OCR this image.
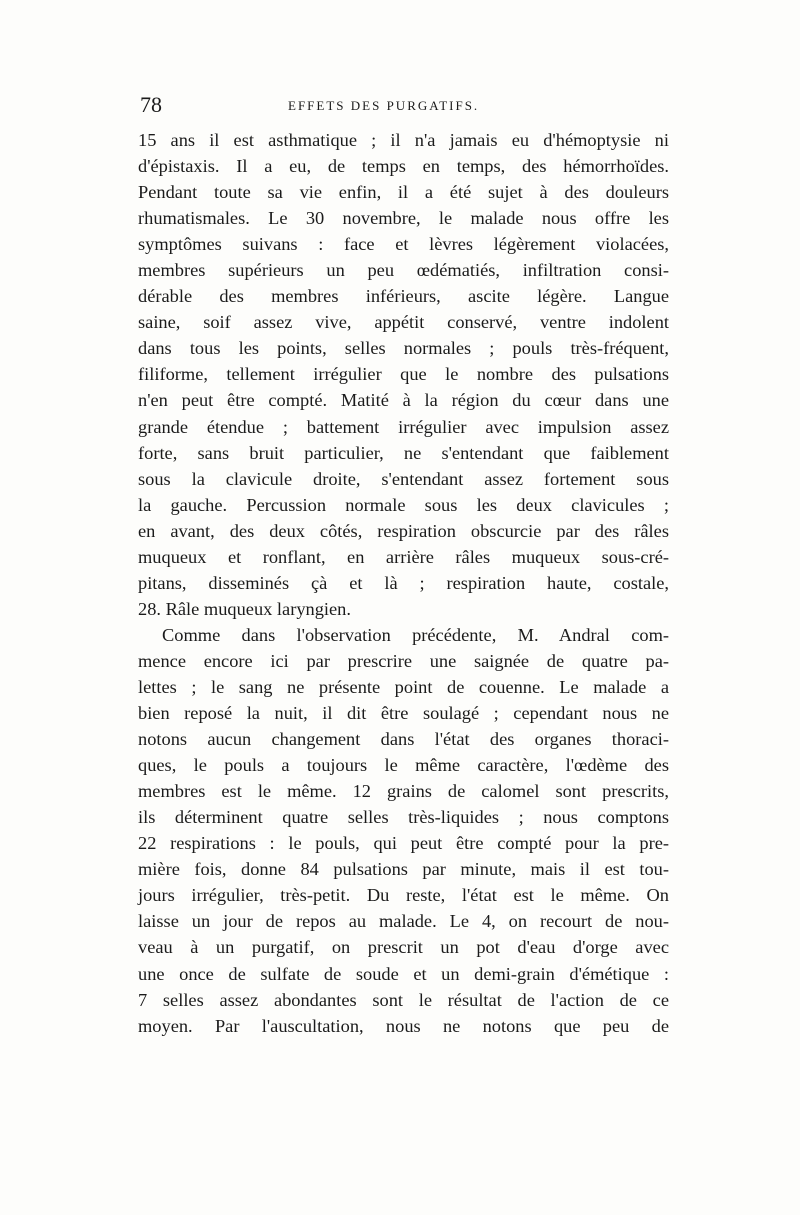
78	EFFETS DES PURGATIFS.
15 ans il est asthmatique ; il n'a jamais eu d'hémoptysie ni
d'épistaxis. Il a eu, de temps en temps, des hémorrhoïdes.
Pendant toute sa vie enfin, il a été sujet à des douleurs
rhumatismales. Le 30 novembre, le malade nous offre les
symptômes suivans : face et lèvres légèrement violacées,
membres supérieurs un peu œdématiés, infiltration consi-
dérable des membres inférieurs, ascite légère. Langue
saine, soif assez vive, appétit conservé, ventre indolent
dans tous les points, selles normales ; pouls très-fréquent,
filiforme, tellement irrégulier que le nombre des pulsations
n'en peut être compté. Matité à la région du cœur dans une
grande étendue ; battement irrégulier avec impulsion assez
forte, sans bruit particulier, ne s'entendant que faiblement
sous la clavicule droite, s'entendant assez fortement sous
la gauche. Percussion normale sous les deux clavicules ;
en avant, des deux côtés, respiration obscurcie par des râles
muqueux et ronflant, en arrière râles muqueux sous-cré-
pitans, disseminés çà et là ; respiration haute, costale,
28. Râle muqueux laryngien.
Comme dans l'observation précédente, M. Andral com-
mence encore ici par prescrire une saignée de quatre pa-
lettes ; le sang ne présente point de couenne. Le malade a
bien reposé la nuit, il dit être soulagé ; cependant nous ne
notons aucun changement dans l'état des organes thoraci-
ques, le pouls a toujours le même caractère, l'œdème des
membres est le même. 12 grains de calomel sont prescrits,
ils déterminent quatre selles très-liquides ; nous comptons
22 respirations : le pouls, qui peut être compté pour la pre-
mière fois, donne 84 pulsations par minute, mais il est tou-
jours irrégulier, très-petit. Du reste, l'état est le même. On
laisse un jour de repos au malade. Le 4, on recourt de nou-
veau à un purgatif, on prescrit un pot d'eau d'orge avec
une once de sulfate de soude et un demi-grain d'émétique :
7 selles assez abondantes sont le résultat de l'action de ce
moyen. Par l'auscultation, nous ne notons que peu de
